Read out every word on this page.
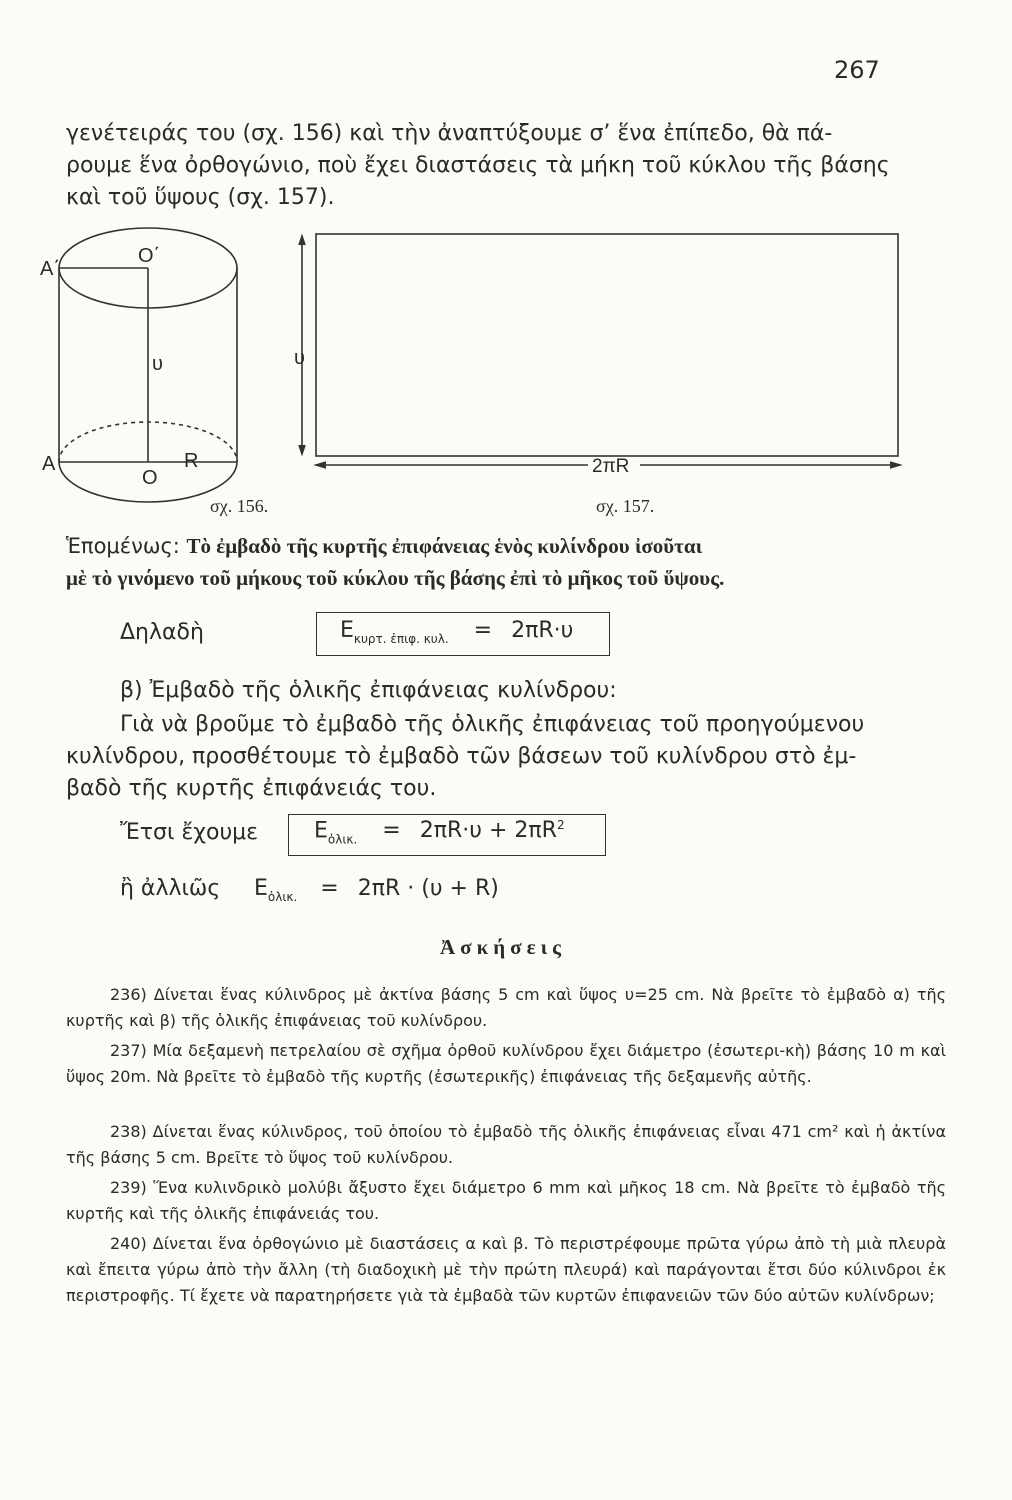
267
γενέτειράς του (σχ. 156) καὶ τὴν ἀναπτύξουμε σ’ ἕνα ἐπίπεδο, θὰ πά-
ρουμε ἕνα ὀρθογώνιο, ποὺ ἔχει διαστάσεις τὰ μήκη τοῦ κύκλου τῆς βάσης
καὶ τοῦ ὕψους (σχ. 157).
Α΄
Ο΄
υ
Α
Ο
R
υ
2πR
σχ. 156.	σχ. 157.
Ἑπομένως: Τὸ ἐμβαδὸ τῆς κυρτῆς ἐπιφάνειας ἑνὸς κυλίνδρου ἰσοῦται
μὲ τὸ γινόμενο τοῦ μήκους τοῦ κύκλου τῆς βάσης ἐπὶ τὸ μῆκος τοῦ ὕψους.
Δηλαδὴ	$E_{\kappa\upsilon\rho\tau. ἐ\pi\iota\varphi. \kappa\upsilon\lambda.} = 2\pi R\cdot\upsilon$
β) Ἐμβαδὸ τῆς ὁλικῆς ἐπιφάνειας κυλίνδρου:
Γιὰ νὰ βροῦμε τὸ ἐμβαδὸ τῆς ὁλικῆς ἐπιφάνειας τοῦ προηγούμενου
κυλίνδρου, προσθέτουμε τὸ ἐμβαδὸ τῶν βάσεων τοῦ κυλίνδρου στὸ ἐμ-
βαδὸ τῆς κυρτῆς ἐπιφάνειάς του.
Ἔτσι ἔχουμε	$E_{ὁ\lambda\iota\kappa.} = 2\pi R\cdot\upsilon + 2\pi R^2$
ἢ ἀλλιῶς $E_{ὁ\lambda\iota\kappa.} = 2\pi R \cdot (\upsilon + R)$
Ἀσκήσεις
236) Δίνεται ἕνας κύλινδρος μὲ ἀκτίνα βάσης 5 cm καὶ ὕψος υ=25 cm. Νὰ βρεῖτε τὸ ἐμβαδὸ α) τῆς κυρτῆς καὶ β) τῆς ὁλικῆς ἐπιφάνειας τοῦ κυλίνδρου.
237) Μία δεξαμενὴ πετρελαίου σὲ σχῆμα ὀρθοῦ κυλίνδρου ἔχει διάμετρο (ἐσωτερι-κὴ) βάσης 10 m καὶ ὕψος 20m. Νὰ βρεῖτε τὸ ἐμβαδὸ τῆς κυρτῆς (ἐσωτερικῆς) ἐπιφάνειας τῆς δεξαμενῆς αὐτῆς.
238) Δίνεται ἕνας κύλινδρος, τοῦ ὁποίου τὸ ἐμβαδὸ τῆς ὁλικῆς ἐπιφάνειας εἶναι 471 cm² καὶ ἡ ἀκτίνα τῆς βάσης 5 cm. Βρεῖτε τὸ ὕψος τοῦ κυλίνδρου.
239) Ἕνα κυλινδρικὸ μολύβι ἄξυστο ἔχει διάμετρο 6 mm καὶ μῆκος 18 cm. Νὰ βρεῖτε τὸ ἐμβαδὸ τῆς κυρτῆς καὶ τῆς ὁλικῆς ἐπιφάνειάς του.
240) Δίνεται ἕνα ὀρθογώνιο μὲ διαστάσεις α καὶ β. Τὸ περιστρέφουμε πρῶτα γύρω ἀπὸ τὴ μιὰ πλευρὰ καὶ ἔπειτα γύρω ἀπὸ τὴν ἄλλη (τὴ διαδοχικὴ μὲ τὴν πρώτη πλευρά) καὶ παράγονται ἔτσι δύο κύλινδροι ἐκ περιστροφῆς. Τί ἔχετε νὰ παρατηρήσετε γιὰ τὰ ἐμβαδὰ τῶν κυρτῶν ἐπιφανειῶν τῶν δύο αὐτῶν κυλίνδρων;
